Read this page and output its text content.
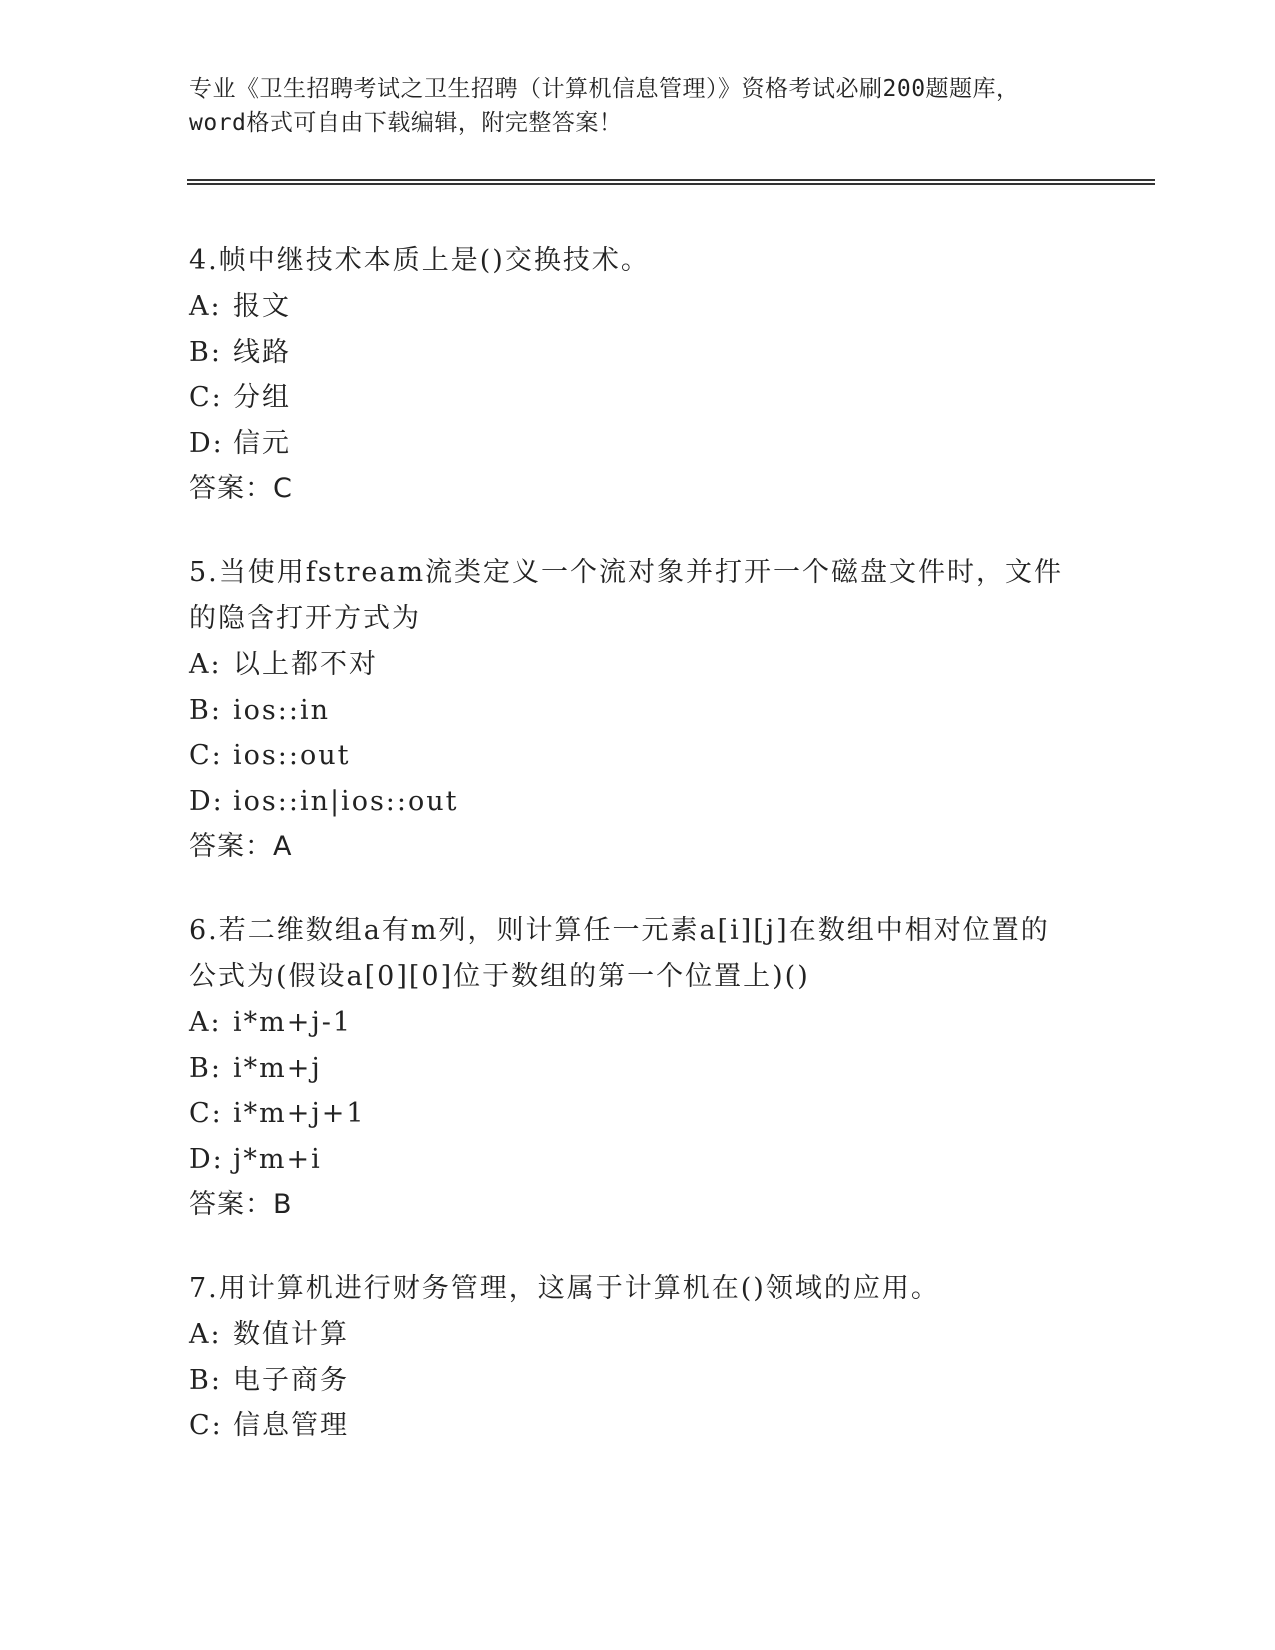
专业《卫生招聘考试之卫生招聘（计算机信息管理）》资格考试必刷200题题库，
word格式可自由下载编辑，附完整答案！
4.帧中继技术本质上是()交换技术。
A: 报文
B: 线路
C: 分组
D: 信元
答案：C
5.当使用fstream流类定义一个流对象并打开一个磁盘文件时，文件
的隐含打开方式为
A: 以上都不对
B: ios::in
C: ios::out
D: ios::in|ios::out
答案：A
6.若二维数组a有m列，则计算任一元素a[i][j]在数组中相对位置的
公式为(假设a[0][0]位于数组的第一个位置上)()
A: i*m+j-1
B: i*m+j
C: i*m+j+1
D: j*m+i
答案：B
7.用计算机进行财务管理，这属于计算机在()领域的应用。
A: 数值计算
B: 电子商务
C: 信息管理
